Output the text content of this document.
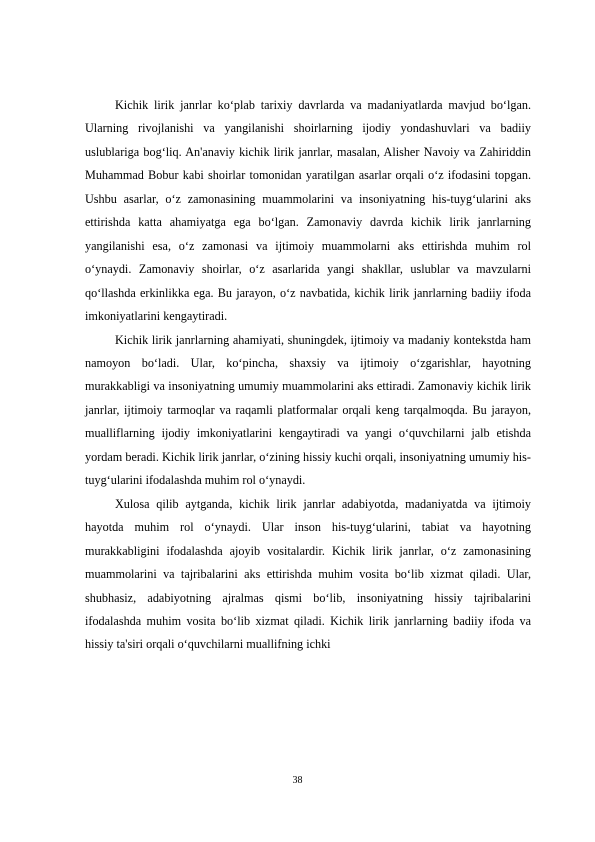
Kichik lirik janrlar ko‘plab tarixiy davrlarda va madaniyatlarda mavjud bo‘lgan. Ularning rivojlanishi va yangilanishi shoirlarning ijodiy yondashuvlari va badiiy uslublariga bog‘liq. An'anaviy kichik lirik janrlar, masalan, Alisher Navoiy va Zahiriddin Muhammad Bobur kabi shoirlar tomonidan yaratilgan asarlar orqali o‘z ifodasini topgan. Ushbu asarlar, o‘z zamonasining muammolarini va insoniyatning his-tuyg‘ularini aks ettirishda katta ahamiyatga ega bo‘lgan. Zamonaviy davrda kichik lirik janrlarning yangilanishi esa, o‘z zamonasi va ijtimoiy muammolarni aks ettirishda muhim rol o‘ynaydi. Zamonaviy shoirlar, o‘z asarlarida yangi shakllar, uslublar va mavzularni qo‘llashda erkinlikka ega. Bu jarayon, o‘z navbatida, kichik lirik janrlarning badiiy ifoda imkoniyatlarini kengaytiradi.

Kichik lirik janrlarning ahamiyati, shuningdek, ijtimoiy va madaniy kontekstda ham namoyon bo‘ladi. Ular, ko‘pincha, shaxsiy va ijtimoiy o‘zgarishlar, hayotning murakkabligi va insoniyatning umumiy muammolarini aks ettiradi. Zamonaviy kichik lirik janrlar, ijtimoiy tarmoqlar va raqamli platformalar orqali keng tarqalmoqda. Bu jarayon, mualliflarning ijodiy imkoniyatlarini kengaytiradi va yangi o‘quvchilarni jalb etishda yordam beradi. Kichik lirik janrlar, o‘zining hissiy kuchi orqali, insoniyatning umumiy his-tuyg‘ularini ifodalashda muhim rol o‘ynaydi.

Xulosa qilib aytganda, kichik lirik janrlar adabiyotda, madaniyatda va ijtimoiy hayotda muhim rol o‘ynaydi. Ular inson his-tuyg‘ularini, tabiat va hayotning murakkabligini ifodalashda ajoyib vositalardir. Kichik lirik janrlar, o‘z zamonasining muammolarini va tajribalarini aks ettirishda muhim vosita bo‘lib xizmat qiladi. Ular, shubhasiz, adabiyotning ajralmas qismi bo‘lib, insoniyatning hissiy tajribalarini ifodalashda muhim vosita bo‘lib xizmat qiladi. Kichik lirik janrlarning badiiy ifoda va hissiy ta'siri orqali o‘quvchilarni muallifning ichki

38
